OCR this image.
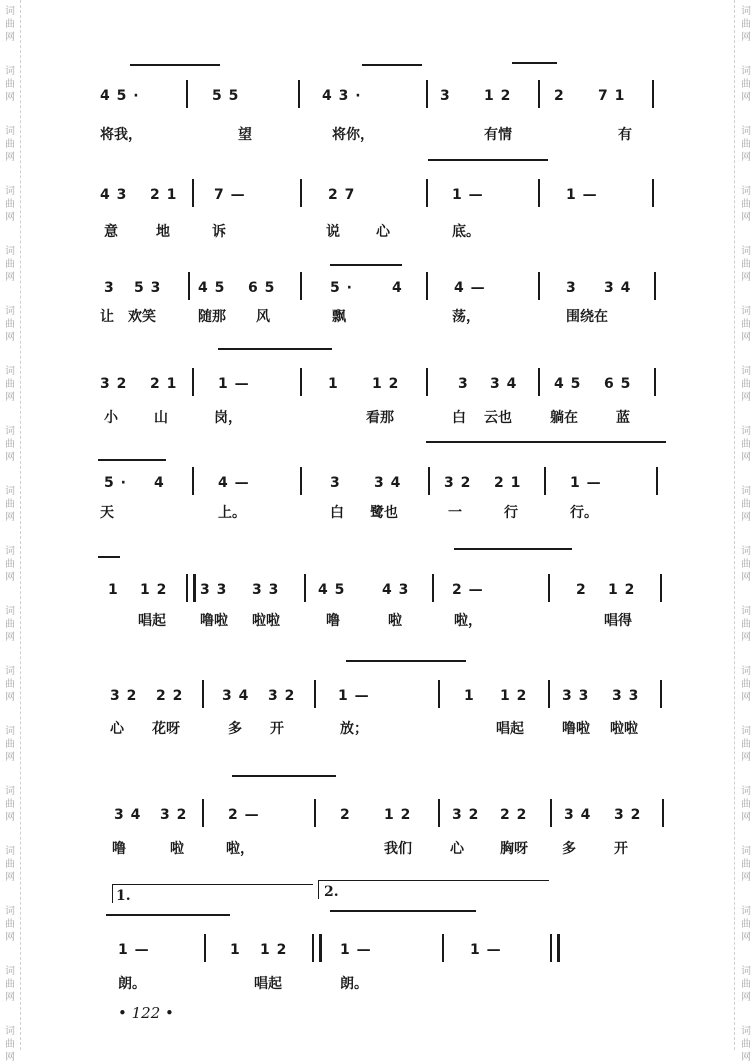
词
曲
网
词
曲
网
词
曲
网
词
曲
网
词
曲
网
词
曲
网
词
曲
网
词
曲
网
词
曲
网
词
曲
网
词
曲
网
词
曲
网
词
曲
网
词
曲
网
词
曲
网
词
曲
网
词
曲
网
词
曲
网
词
曲
网
词
曲
网
词
曲
网
词
曲
网
词
曲
网
词
曲
网
词
曲
网
词
曲
网
词
曲
网
词
曲
网
词
曲
网
词
曲
网
词
曲
网
词
曲
网
词
曲
网
词
曲
网
词
曲
网
词
曲
网
4 5 ·	5 5	4 3 ·	3 1 2	2 7 1
将我，	望	将你，	有情	有
4 3 2 1	7 —	2 7	1 —	1 —
意	地	诉	说	心	底。
3 5 3	4 5 6 5	5 ·	4	4 —	3 3 4
让 欢笑	随那 风	飘	荡，	围绕在
3 2 2 1	1 —	1 1 2	3 3 4	4 5 6 5
小	山	岗，	看那	白 云也	躺在	蓝
5 · 4	4 —	3 3 4	3 2 2 1	1 —
天	上。	白 鹭也	一	行	行。
1 1 2 3 3 3 3	4 5	4 3	2 —	2 1 2
唱起 噜啦 啦啦	噜	啦	啦，	唱得
3 2 2 2	3 4 3 2	1 —	1 1 2 3 3 3 3
心 花呀	多 开	放；	唱起	噜啦 啦啦
3 4 3 2	2 —	2 1 2	3 2 2 2	3 4 3 2
噜	啦	啦，	我们	心	胸呀 多	开
1.	2.
1 —	1 1 2	1 —	1 —
朗。	唱起	朗。
• 122 •
